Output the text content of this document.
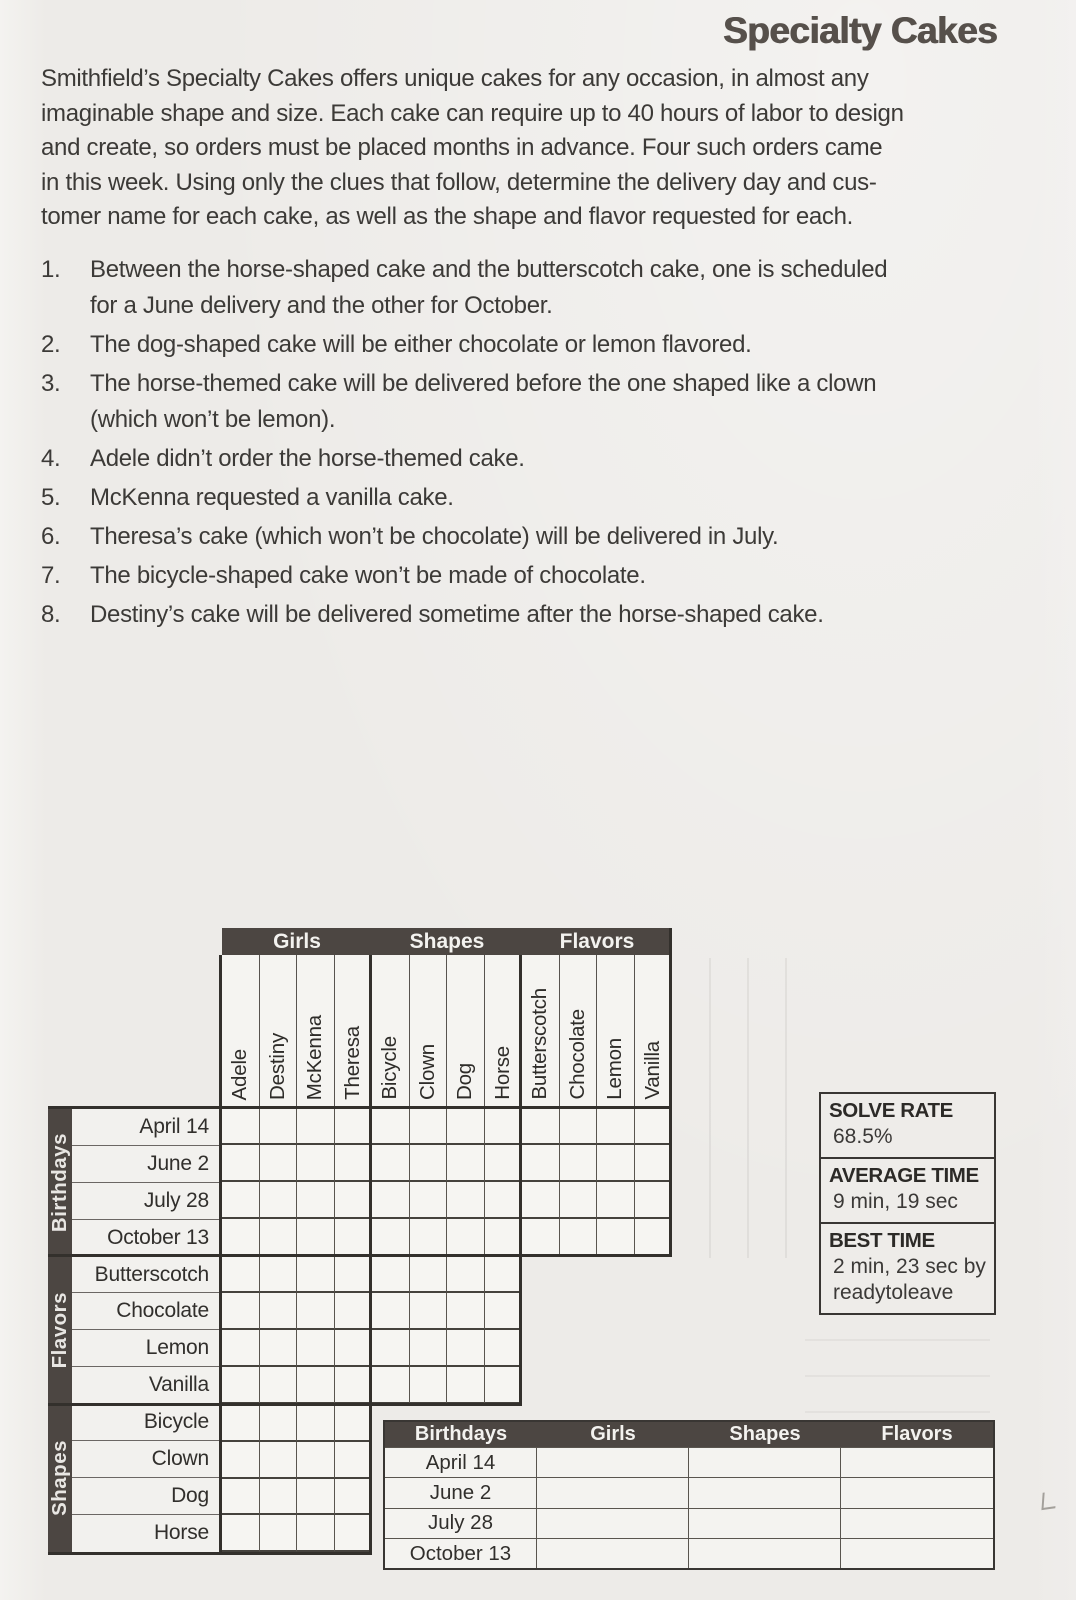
Specialty Cakes
Smithfield’s Specialty Cakes offers unique cakes for any occasion, in almost any
imaginable shape and size. Each cake can require up to 40 hours of labor to design
and create, so orders must be placed months in advance. Four such orders came
in this week. Using only the clues that follow, determine the delivery day and cus-
tomer name for each cake, as well as the shape and flavor requested for each.
1.	Between the horse-shaped cake and the butterscotch cake, one is scheduled
for a June delivery and the other for October.
2.	The dog-shaped cake will be either chocolate or lemon flavored.
3.	The horse-themed cake will be delivered before the one shaped like a clown
(which won’t be lemon).
4.	Adele didn’t order the horse-themed cake.
5.	McKenna requested a vanilla cake.
6.	Theresa’s cake (which won’t be chocolate) will be delivered in July.
7.	The bicycle-shaped cake won’t be made of chocolate.
8.	Destiny’s cake will be delivered sometime after the horse-shaped cake.
Girls	Shapes	Flavors
Adele Destiny McKenna Theresa Bicycle Clown Dog Horse Butterscotch Chocolate Lemon Vanilla
Birthdays
Flavors
Shapes
April 14
June 2
July 28
October 13
Butterscotch
Chocolate
Lemon
Vanilla
Bicycle
Clown
Dog
Horse
SOLVE RATE
68.5%
AVERAGE TIME
9 min, 19 sec
BEST TIME
2 min, 23 sec by
readytoleave
Birthdays	Girls	Shapes	Flavors
April 14
June 2
July 28
October 13
